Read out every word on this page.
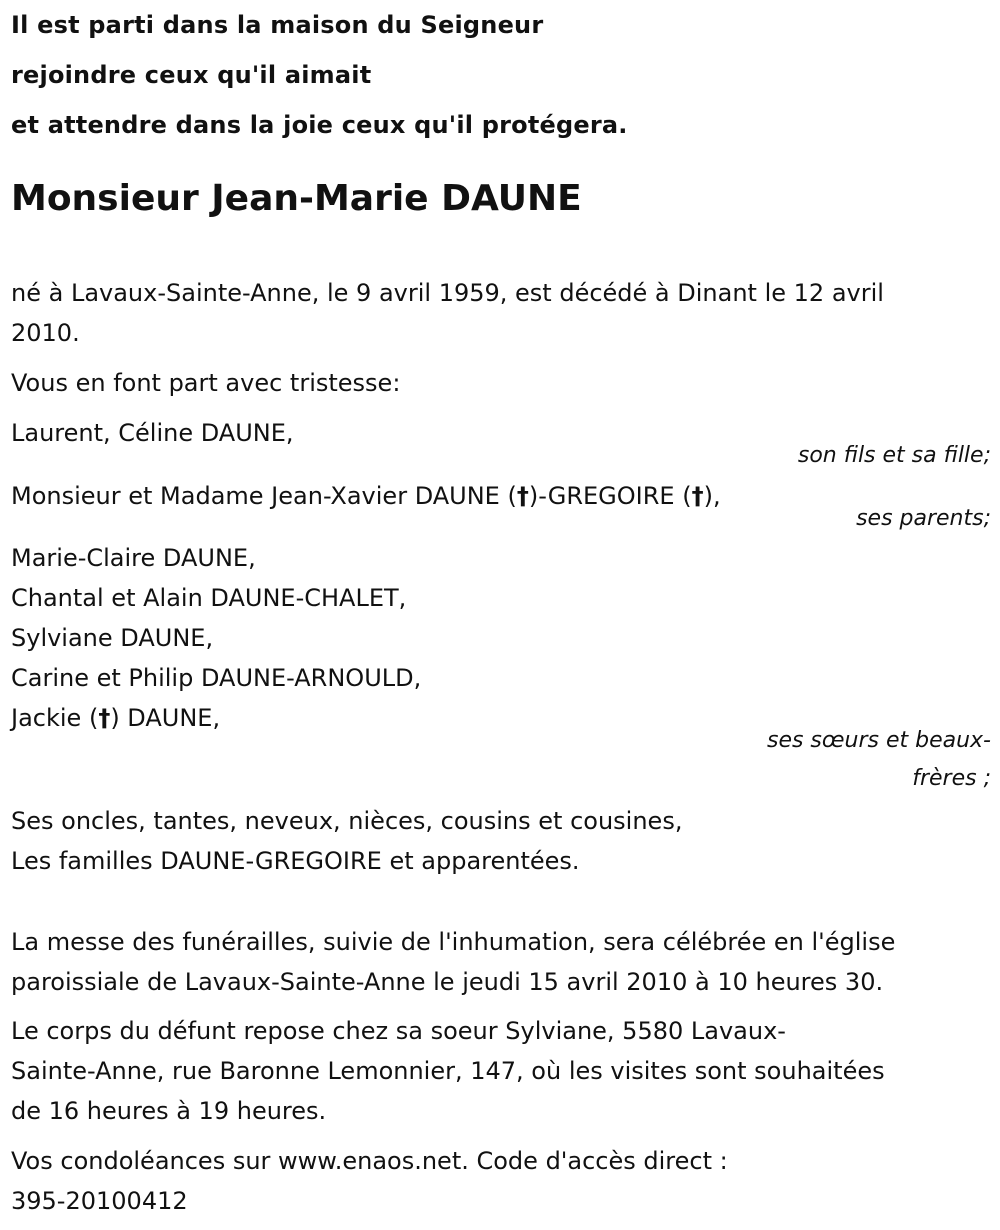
Il est parti dans la maison du Seigneur
rejoindre ceux qu'il aimait
et attendre dans la joie ceux qu'il protégera.

Monsieur Jean-Marie DAUNE
né à Lavaux-Sainte-Anne, le 9 avril 1959, est décédé à Dinant le 12 avril
2010.
Vous en font part avec tristesse:
Laurent, Céline DAUNE,
son fils et sa fille;
Monsieur et Madame Jean-Xavier DAUNE (†)-GREGOIRE (†),
ses parents;
Marie-Claire DAUNE,
Chantal et Alain DAUNE-CHALET,
Sylviane DAUNE,
Carine et Philip DAUNE-ARNOULD,
Jackie (†) DAUNE,
ses sœurs et beaux-
frères ;
Ses oncles, tantes, neveux, nièces, cousins et cousines,
Les familles DAUNE-GREGOIRE et apparentées.
La messe des funérailles, suivie de l'inhumation, sera célébrée en l'église
paroissiale de Lavaux-Sainte-Anne le jeudi 15 avril 2010 à 10 heures 30.
Le corps du défunt repose chez sa soeur Sylviane, 5580 Lavaux-
Sainte-Anne, rue Baronne Lemonnier, 147, où les visites sont souhaitées
de 16 heures à 19 heures.
Vos condoléances sur www.enaos.net. Code d'accès direct :
395-20100412
